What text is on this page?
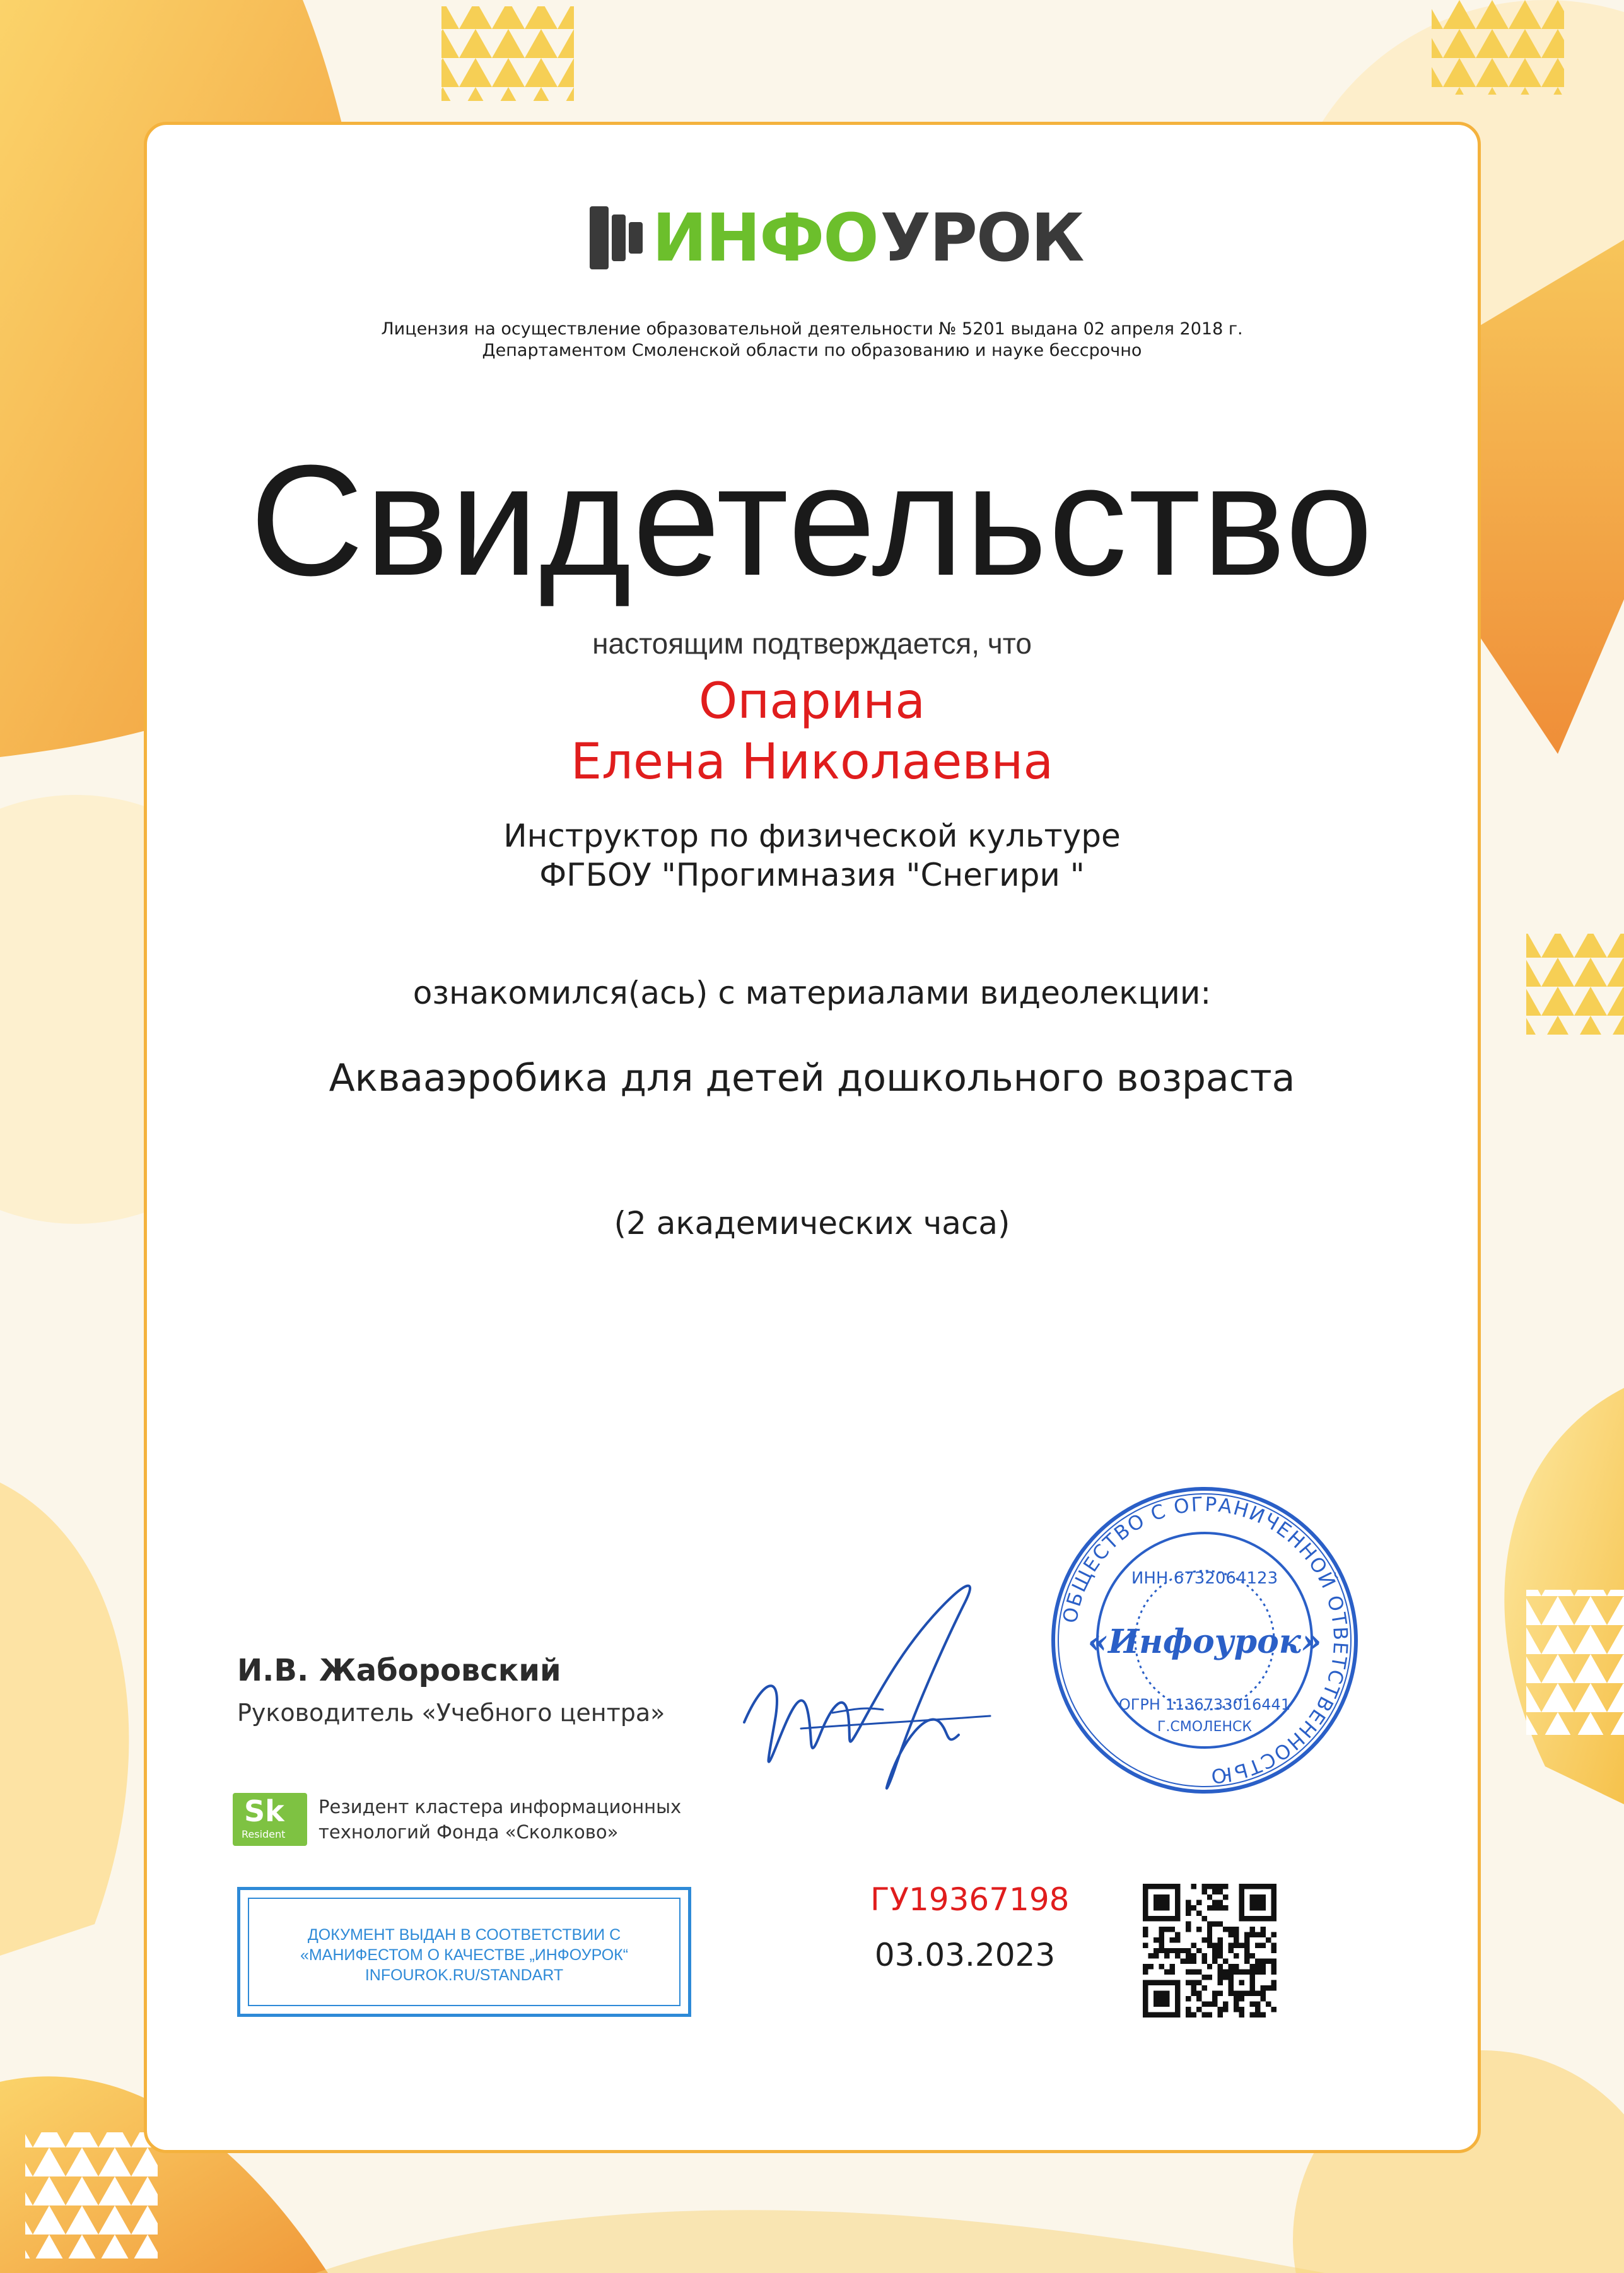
ИНФО УРОК
Лицензия на осуществление образовательной деятельности № 5201 выдана 02 апреля 2018 г.
Департаментом Смоленской области по образованию и науке бессрочно
Свидетельство
настоящим подтверждается, что
Опарина
Елена Николаевна
Инструктор по физической культуре
ФГБОУ "Прогимназия "Снегири "
ознакомился(ась) с материалами видеолекции:
Аквааэробика для детей дошкольного возраста
(2 академических часа)
И.В. Жаборовский
Руководитель «Учебного центра»
ОБЩЕСТВО С ОГРАНИЧЕННОЙ ОТВЕТСТВЕННОСТЬЮ
ИНН 6732064123
«Инфоурок»
ОГРН 1136733016441
Г.СМОЛЕНСК
Sk
Resident
Резидент кластера информационных
технологий Фонда «Сколково»
ДОКУМЕНТ ВЫДАН В СООТВЕТСТВИИ С
«МАНИФЕСТОМ О КАЧЕСТВЕ „ИНФОУРОК“
INFOUROK.RU/STANDART
ГУ19367198
03.03.2023
